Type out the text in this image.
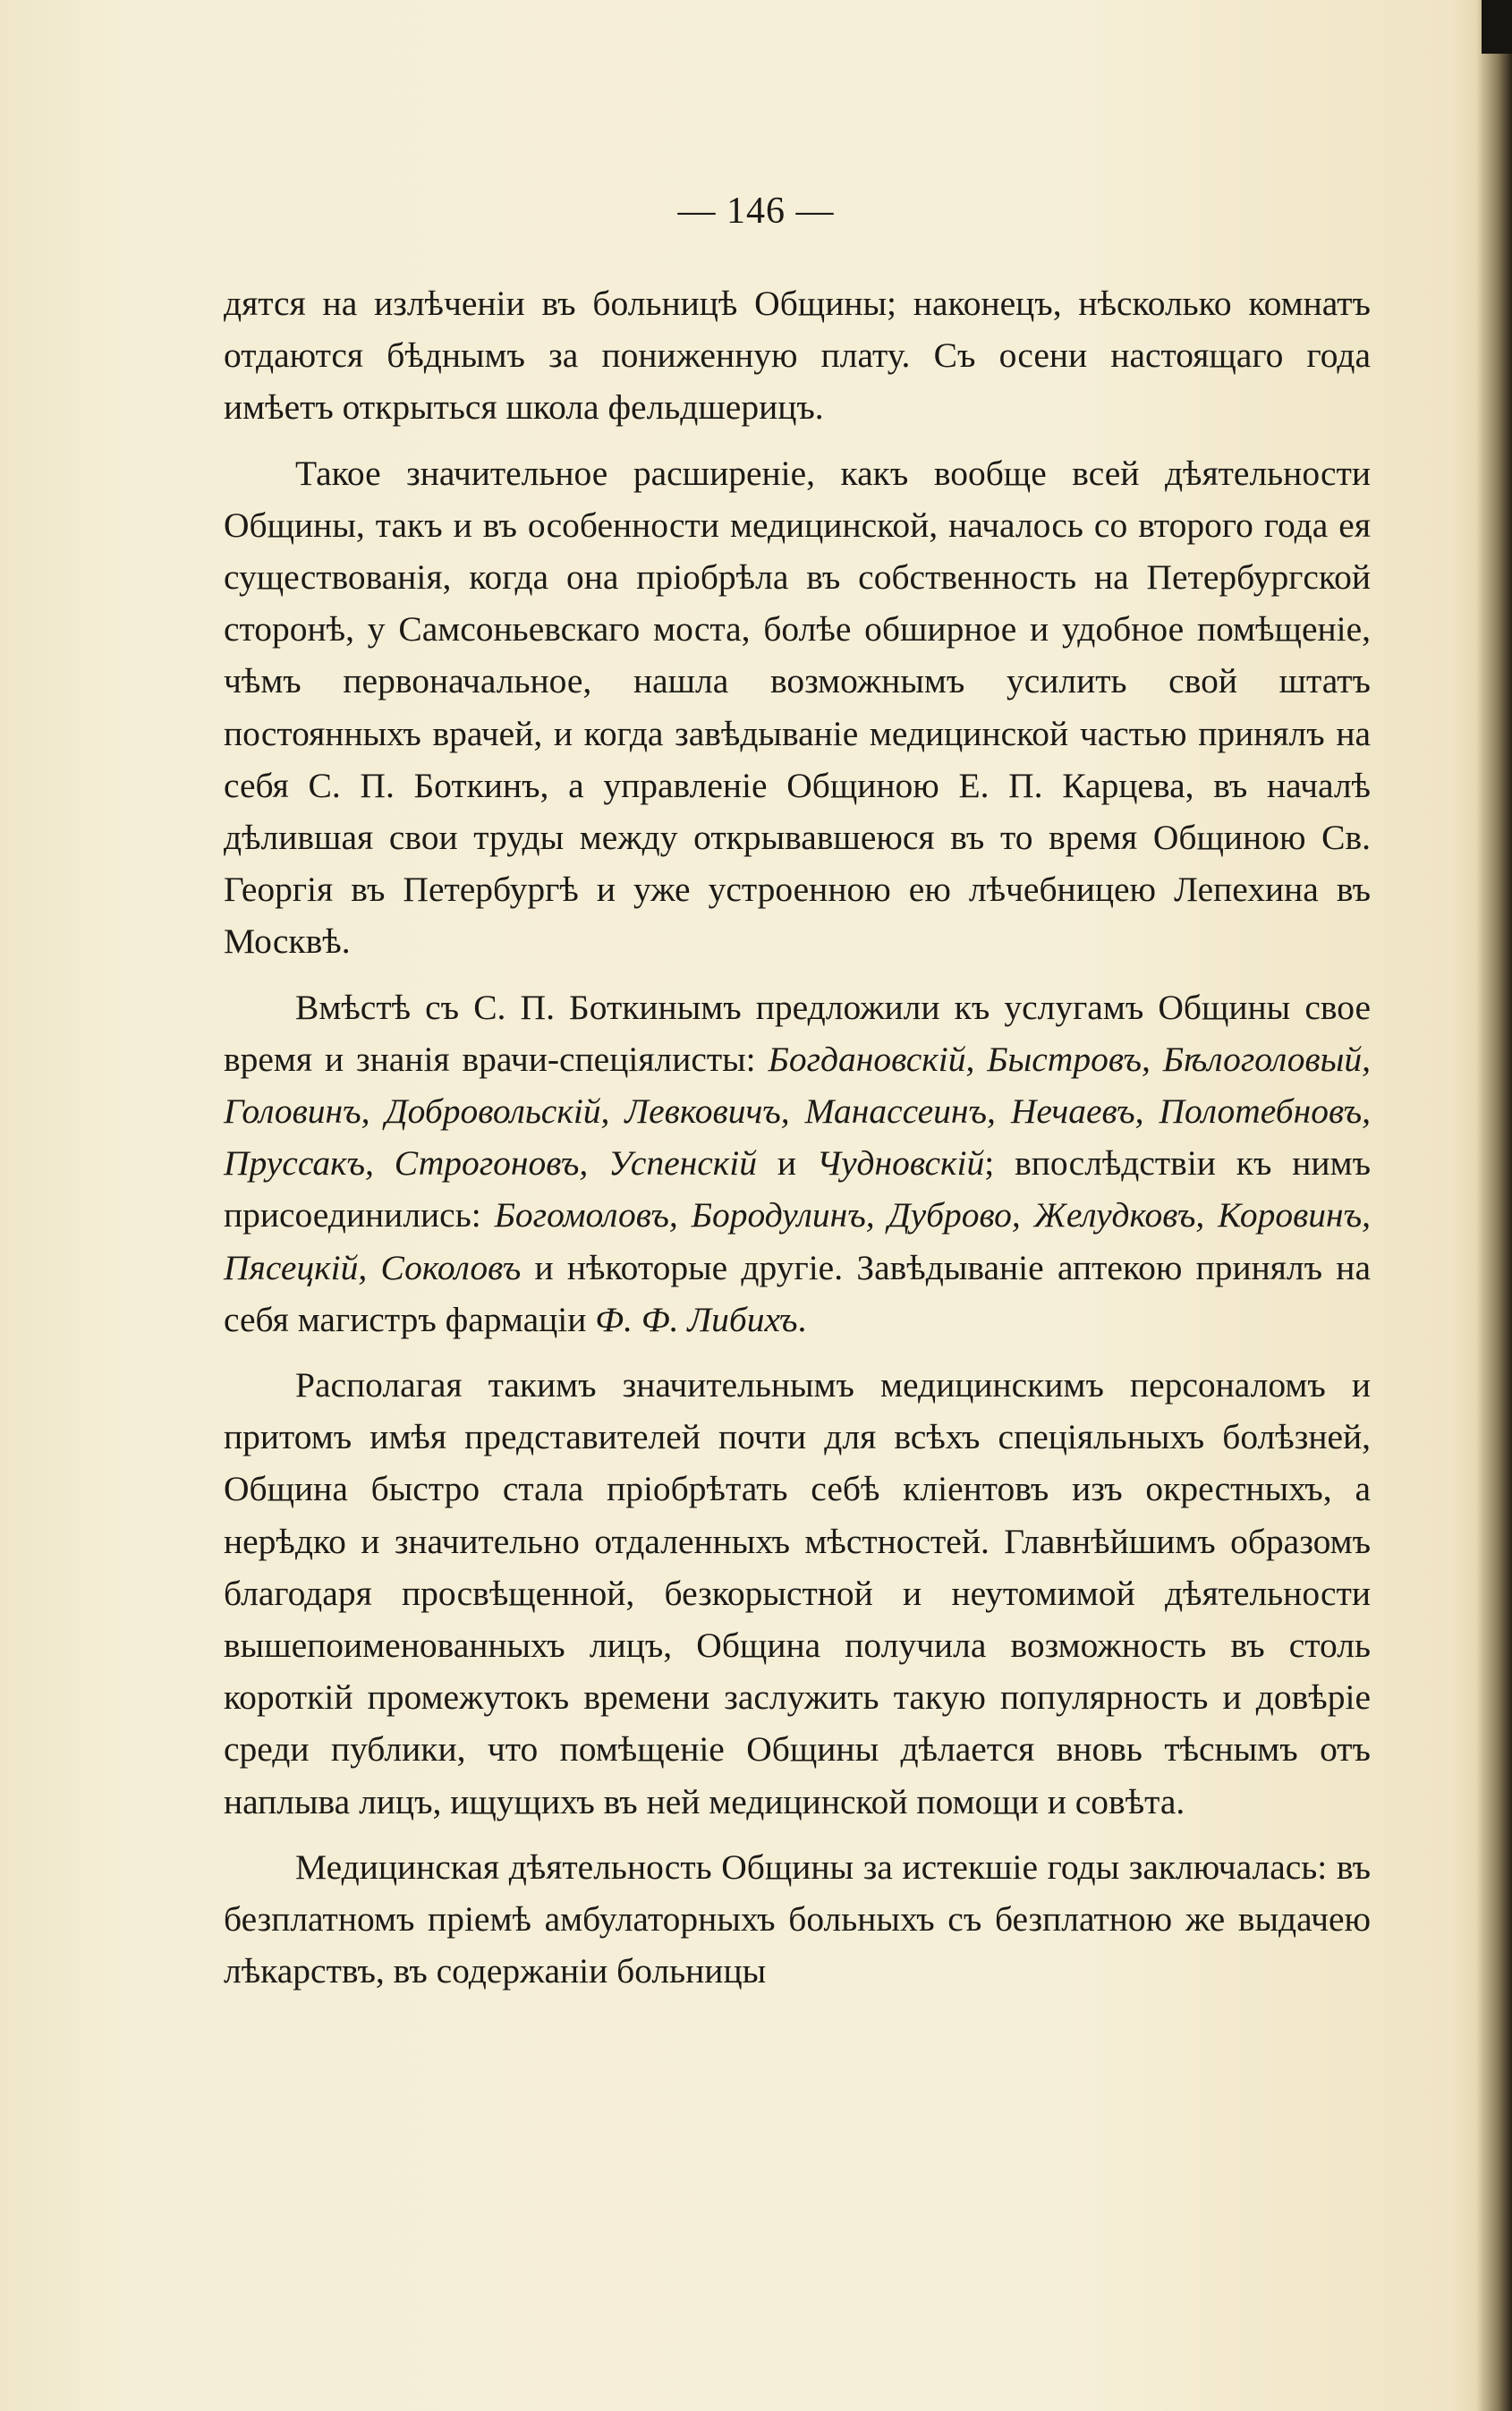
— 146 —

дятся на излѣченіи въ больницѣ Общины; наконецъ, нѣсколько комнатъ отдаются бѣднымъ за пониженную плату. Съ осени настоящаго года имѣетъ открыться школа фельдшерицъ.

Такое значительное расширеніе, какъ вообще всей дѣятельности Общины, такъ и въ особенности медицинской, началось со второго года ея существованія, когда она пріобрѣла въ собственность на Петербургской сторонѣ, у Самсоньевскаго моста, болѣе обширное и удобное помѣщеніе, чѣмъ первоначальное, нашла возможнымъ усилить свой штатъ постоянныхъ врачей, и когда завѣдываніе медицинской частью принялъ на себя С. П. Боткинъ, а управленіе Общиною Е. П. Карцева, въ началѣ дѣлившая свои труды между открывавшеюся въ то время Общиною Св. Георгія въ Петербургѣ и уже устроенною ею лѣчебницею Лепехина въ Москвѣ.

Вмѣстѣ съ С. П. Боткинымъ предложили къ услугамъ Общины свое время и знанія врачи-спеціялисты: Богдановскій, Быстровъ, Бѣлоголовый, Головинъ, Добровольскій, Левковичъ, Манассеинъ, Нечаевъ, Полотебновъ, Пруссакъ, Строгоновъ, Успенскій и Чудновскій; впослѣдствіи къ нимъ присоединились: Богомоловъ, Бородулинъ, Дуброво, Желудковъ, Коровинъ, Пясецкій, Соколовъ и нѣкоторые другіе. Завѣдываніе аптекою принялъ на себя магистръ фармаціи Ф. Ф. Либихъ.

Располагая такимъ значительнымъ медицинскимъ персоналомъ и притомъ имѣя представителей почти для всѣхъ спеціяльныхъ болѣзней, Община быстро стала пріобрѣтать себѣ кліентовъ изъ окрестныхъ, а нерѣдко и значительно отдаленныхъ мѣстностей. Главнѣйшимъ образомъ благодаря просвѣщенной, безкорыстной и неутомимой дѣятельности вышепоименованныхъ лицъ, Община получила возможность въ столь короткій промежутокъ времени заслужить такую популярность и довѣріе среди публики, что помѣщеніе Общины дѣлается вновь тѣснымъ отъ наплыва лицъ, ищущихъ въ ней медицинской помощи и совѣта.

Медицинская дѣятельность Общины за истекшіе годы заключалась: въ безплатномъ пріемѣ амбулаторныхъ больныхъ съ безплатною же выдачею лѣкарствъ, въ содержаніи больницы
